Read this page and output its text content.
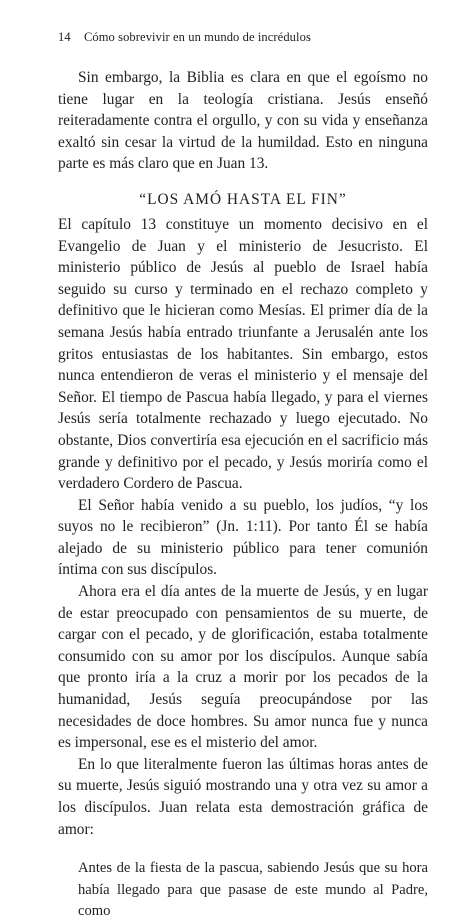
14 Cómo sobrevivir en un mundo de incrédulos

Sin embargo, la Biblia es clara en que el egoísmo no tiene lugar en la teología cristiana. Jesús enseñó reiteradamente contra el orgullo, y con su vida y enseñanza exaltó sin cesar la virtud de la humildad. Esto en ninguna parte es más claro que en Juan 13.

“LOS AMÓ HASTA EL FIN”

El capítulo 13 constituye un momento decisivo en el Evangelio de Juan y el ministerio de Jesucristo. El ministerio público de Jesús al pueblo de Israel había seguido su curso y terminado en el rechazo completo y definitivo que le hicieran como Mesías. El primer día de la semana Jesús había entrado triunfante a Jerusalén ante los gritos entusiastas de los habitantes. Sin embargo, estos nunca entendieron de veras el ministerio y el mensaje del Señor. El tiempo de Pascua había llegado, y para el viernes Jesús sería totalmente rechazado y luego ejecutado. No obstante, Dios convertiría esa ejecución en el sacrificio más grande y definitivo por el pecado, y Jesús moriría como el verdadero Cordero de Pascua.

El Señor había venido a su pueblo, los judíos, “y los suyos no le recibieron” (Jn. 1:11). Por tanto Él se había alejado de su ministerio público para tener comunión íntima con sus discípulos.

Ahora era el día antes de la muerte de Jesús, y en lugar de estar preocupado con pensamientos de su muerte, de cargar con el pecado, y de glorificación, estaba totalmente consumido con su amor por los discípulos. Aunque sabía que pronto iría a la cruz a morir por los pecados de la humanidad, Jesús seguía preocupándose por las necesidades de doce hombres. Su amor nunca fue y nunca es impersonal, ese es el misterio del amor.

En lo que literalmente fueron las últimas horas antes de su muerte, Jesús siguió mostrando una y otra vez su amor a los discípulos. Juan relata esta demostración gráfica de amor:

Antes de la fiesta de la pascua, sabiendo Jesús que su hora había llegado para que pasase de este mundo al Padre, como
